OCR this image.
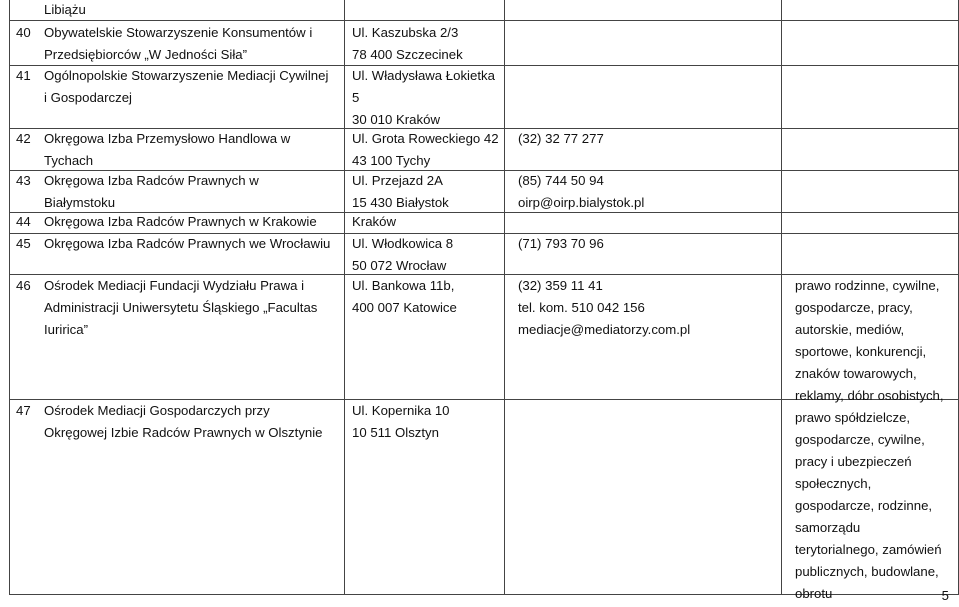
Libiążu
40 Obywatelskie Stowarzyszenie Konsumentów i
Przedsiębiorców „W Jedności Siła”
Ul. Kaszubska 2/3
78 400 Szczecinek
41 Ogólnopolskie Stowarzyszenie Mediacji Cywilnej
i Gospodarczej
Ul. Władysława Łokietka
5
30 010 Kraków
42 Okręgowa Izba Przemysłowo Handlowa w
Tychach
Ul. Grota Roweckiego 42
43 100 Tychy
(32) 32 77 277
43 Okręgowa Izba Radców Prawnych w
Białymstoku
Ul. Przejazd 2A
15 430 Białystok
(85) 744 50 94
oirp@oirp.bialystok.pl
44 Okręgowa Izba Radców Prawnych w Krakowie	Kraków
45 Okręgowa Izba Radców Prawnych we Wrocławiu Ul. Włodkowica 8
50 072 Wrocław
(71) 793 70 96
46 Ośrodek Mediacji Fundacji Wydziału Prawa i
Administracji Uniwersytetu Śląskiego „Facultas
Iuririca”
Ul. Bankowa 11b,
400 007 Katowice
(32) 359 11 41
tel. kom. 510 042 156
mediacje@mediatorzy.com.pl
prawo rodzinne, cywilne,
gospodarcze, pracy,
autorskie, mediów,
sportowe, konkurencji,
znaków towarowych,
reklamy, dóbr osobistych,
prawo spółdzielcze,
gospodarcze, cywilne,
pracy i ubezpieczeń
społecznych,
gospodarcze, rodzinne,
samorządu
terytorialnego, zamówień
publicznych, budowlane,
obrotu
47 Ośrodek Mediacji Gospodarczych przy
Okręgowej Izbie Radców Prawnych w Olsztynie
Ul. Kopernika 10
10 511 Olsztyn
5
